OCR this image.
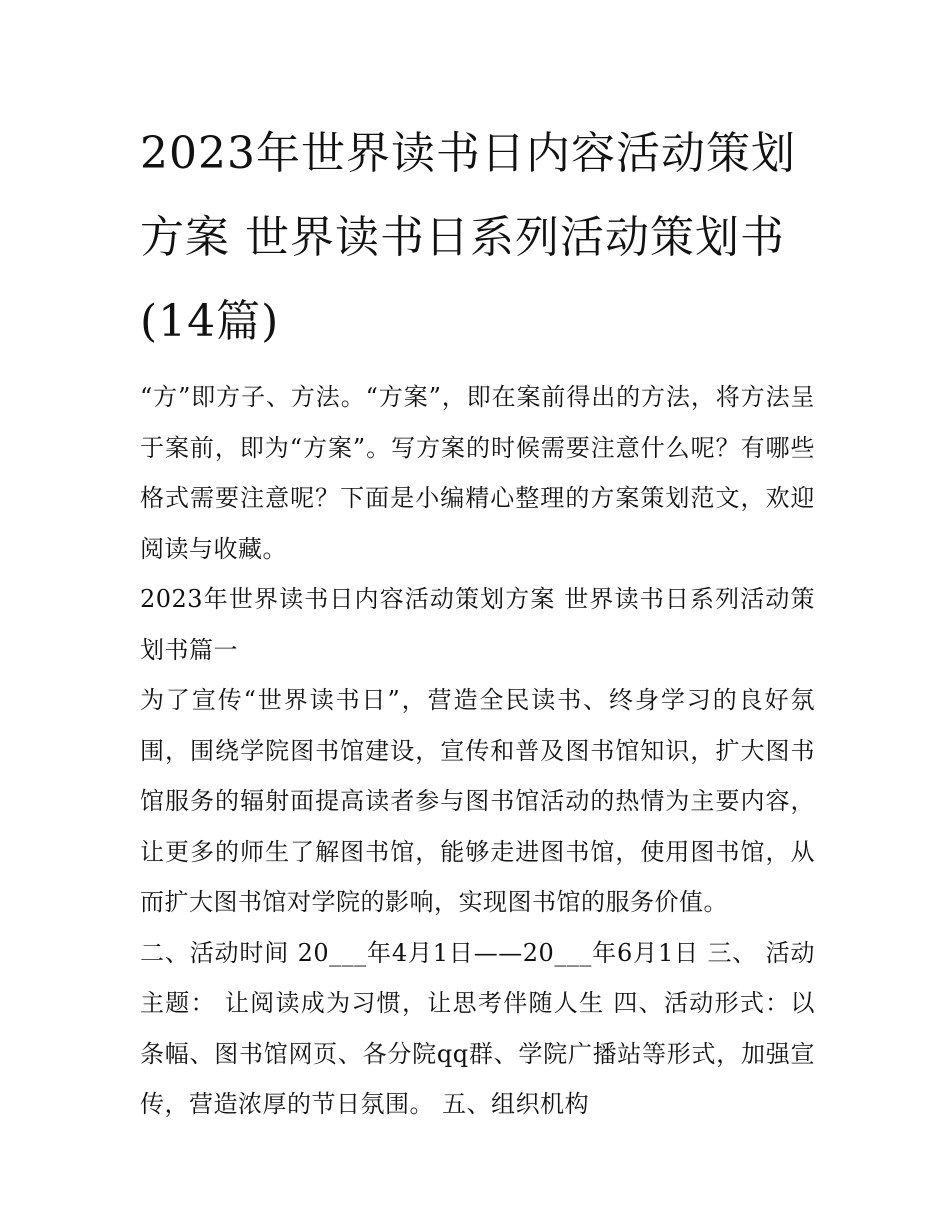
2023年世界读书日内容活动策划方案 世界读书日系列活动策划书(14篇)

“方”即方子、方法。“方案”，即在案前得出的方法，将方法呈于案前，即为“方案”。写方案的时候需要注意什么呢？有哪些格式需要注意呢？下面是小编精心整理的方案策划范文，欢迎阅读与收藏。

2023年世界读书日内容活动策划方案 世界读书日系列活动策划书篇一

为了宣传“世界读书日”，营造全民读书、终身学习的良好氛围，围绕学院图书馆建设，宣传和普及图书馆知识，扩大图书馆服务的辐射面提高读者参与图书馆活动的热情为主要内容，让更多的师生了解图书馆，能够走进图书馆，使用图书馆，从而扩大图书馆对学院的影响，实现图书馆的服务价值。

二、活动时间 20___年4月1日——20___年6月1日 三、 活动主题： 让阅读成为习惯，让思考伴随人生 四、活动形式：以条幅、图书馆网页、各分院qq群、学院广播站等形式，加强宣传，营造浓厚的节日氛围。 五、组织机构
